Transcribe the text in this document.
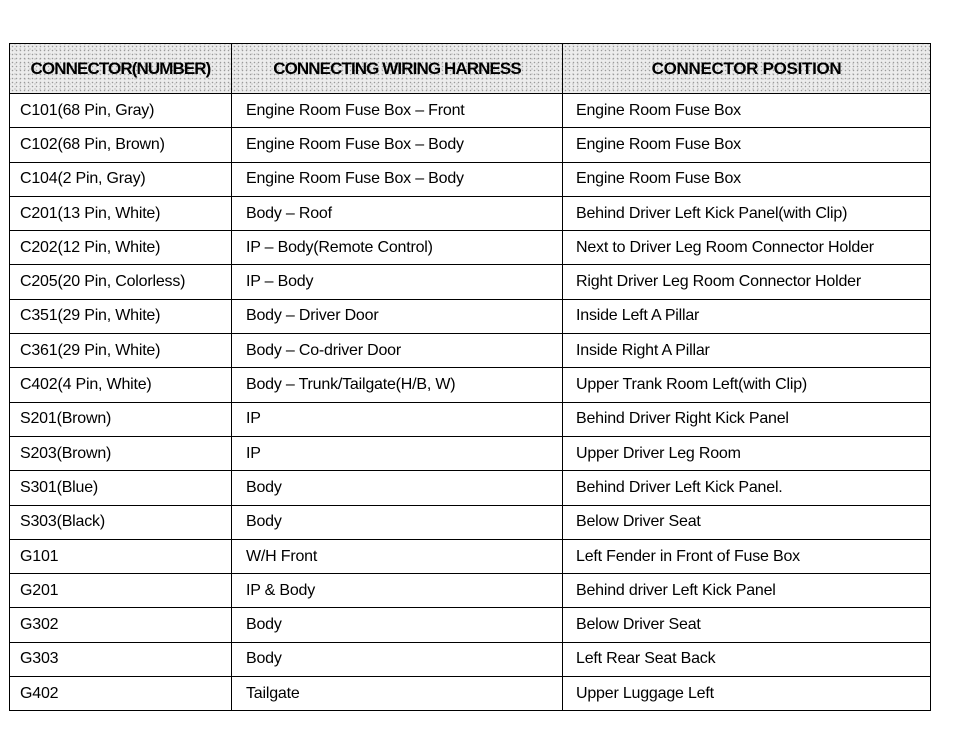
CONNECTOR(NUMBER)	CONNECTING WIRING HARNESS	CONNECTOR POSITION
C101(68 Pin, Gray)	Engine Room Fuse Box – Front	Engine Room Fuse Box
C102(68 Pin, Brown)	Engine Room Fuse Box – Body	Engine Room Fuse Box
C104(2 Pin, Gray)	Engine Room Fuse Box – Body	Engine Room Fuse Box
C201(13 Pin, White)	Body – Roof	Behind Driver Left Kick Panel(with Clip)
C202(12 Pin, White)	IP – Body(Remote Control)	Next to Driver Leg Room Connector Holder
C205(20 Pin, Colorless)	IP – Body	Right Driver Leg Room Connector Holder
C351(29 Pin, White)	Body – Driver Door	Inside Left A Pillar
C361(29 Pin, White)	Body – Co-driver Door	Inside Right A Pillar
C402(4 Pin, White)	Body – Trunk/Tailgate(H/B, W)	Upper Trank Room Left(with Clip)
S201(Brown)	IP	Behind Driver Right Kick Panel
S203(Brown)	IP	Upper Driver Leg Room
S301(Blue)	Body	Behind Driver Left Kick Panel.
S303(Black)	Body	Below Driver Seat
G101	W/H Front	Left Fender in Front of Fuse Box
G201	IP & Body	Behind driver Left Kick Panel
G302	Body	Below Driver Seat
G303	Body	Left Rear Seat Back
G402	Tailgate	Upper Luggage Left
